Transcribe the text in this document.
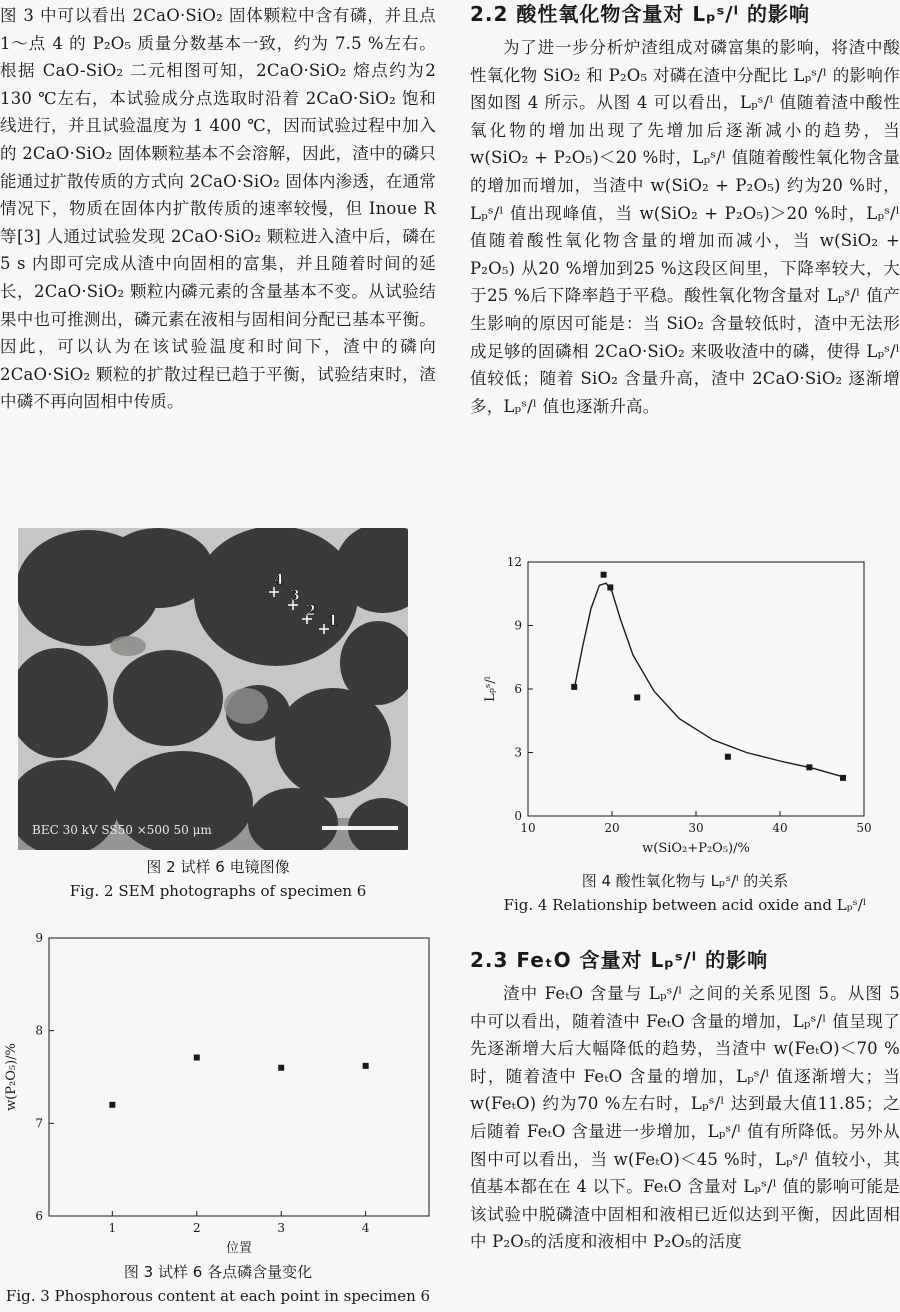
图 3 中可以看出 2CaO·SiO₂ 固体颗粒中含有磷，并且点 1～点 4 的 P₂O₅ 质量分数基本一致，约为 7.5 %左右。根据 CaO-SiO₂ 二元相图可知，2CaO·SiO₂ 熔点约为2 130 ℃左右，本试验成分点选取时沿着 2CaO·SiO₂ 饱和线进行，并且试验温度为 1 400 ℃，因而试验过程中加入的 2CaO·SiO₂ 固体颗粒基本不会溶解，因此，渣中的磷只能通过扩散传质的方式向 2CaO·SiO₂ 固体内渗透，在通常情况下，物质在固体内扩散传质的速率较慢，但 Inoue R 等[3] 人通过试验发现 2CaO·SiO₂ 颗粒进入渣中后，磷在 5 s 内即可完成从渣中向固相的富集，并且随着时间的延长，2CaO·SiO₂ 颗粒内磷元素的含量基本不变。从试验结果中也可推测出，磷元素在液相与固相间分配已基本平衡。因此，可以认为在该试验温度和时间下，渣中的磷向 2CaO·SiO₂ 颗粒的扩散过程已趋于平衡，试验结束时，渣中磷不再向固相中传质。

BEC 30 kV SS50 ×500 50 μm
4
3
2
1
图 2 试样 6 电镜图像
Fig. 2 SEM photographs of specimen 6
1	2	3	4
6
7
8
9
位置
w(P₂O₅)/%
图 3 试样 6 各点磷含量变化
Fig. 3 Phosphorous content at each point in specimen 6
2.2 酸性氧化物含量对 Lₚˢ/ˡ 的影响

为了进一步分析炉渣组成对磷富集的影响，将渣中酸性氧化物 SiO₂ 和 P₂O₅ 对磷在渣中分配比 Lₚˢ/ˡ 的影响作图如图 4 所示。从图 4 可以看出，Lₚˢ/ˡ 值随着渣中酸性氧化物的增加出现了先增加后逐渐减小的趋势，当 w(SiO₂ + P₂O₅)＜20 %时，Lₚˢ/ˡ 值随着酸性氧化物含量的增加而增加，当渣中 w(SiO₂ + P₂O₅) 约为20 %时，Lₚˢ/ˡ 值出现峰值，当 w(SiO₂ + P₂O₅)＞20 %时，Lₚˢ/ˡ 值随着酸性氧化物含量的增加而减小，当 w(SiO₂ + P₂O₅) 从20 %增加到25 %这段区间里，下降率较大，大于25 %后下降率趋于平稳。酸性氧化物含量对 Lₚˢ/ˡ 值产生影响的原因可能是：当 SiO₂ 含量较低时，渣中无法形成足够的固磷相 2CaO·SiO₂ 来吸收渣中的磷，使得 Lₚˢ/ˡ 值较低；随着 SiO₂ 含量升高，渣中 2CaO·SiO₂ 逐渐增多，Lₚˢ/ˡ 值也逐渐升高。

10	20	30	40	50
0
3
6
9
12
w(SiO₂+P₂O₅)/%
Lₚˢ/ˡ
图 4 酸性氧化物与 Lₚˢ/ˡ 的关系
Fig. 4 Relationship between acid oxide and Lₚˢ/ˡ
2.3 FeₜO 含量对 Lₚˢ/ˡ 的影响

渣中 FeₜO 含量与 Lₚˢ/ˡ 之间的关系见图 5。从图 5 中可以看出，随着渣中 FeₜO 含量的增加，Lₚˢ/ˡ 值呈现了先逐渐增大后大幅降低的趋势，当渣中 w(FeₜO)＜70 %时，随着渣中 FeₜO 含量的增加，Lₚˢ/ˡ 值逐渐增大；当 w(FeₜO) 约为70 %左右时，Lₚˢ/ˡ 达到最大值11.85；之后随着 FeₜO 含量进一步增加，Lₚˢ/ˡ 值有所降低。另外从图中可以看出，当 w(FeₜO)＜45 %时，Lₚˢ/ˡ 值较小，其值基本都在在 4 以下。FeₜO 含量对 Lₚˢ/ˡ 值的影响可能是该试验中脱磷渣中固相和液相已近似达到平衡，因此固相中 P₂O₅的活度和液相中 P₂O₅的活度
